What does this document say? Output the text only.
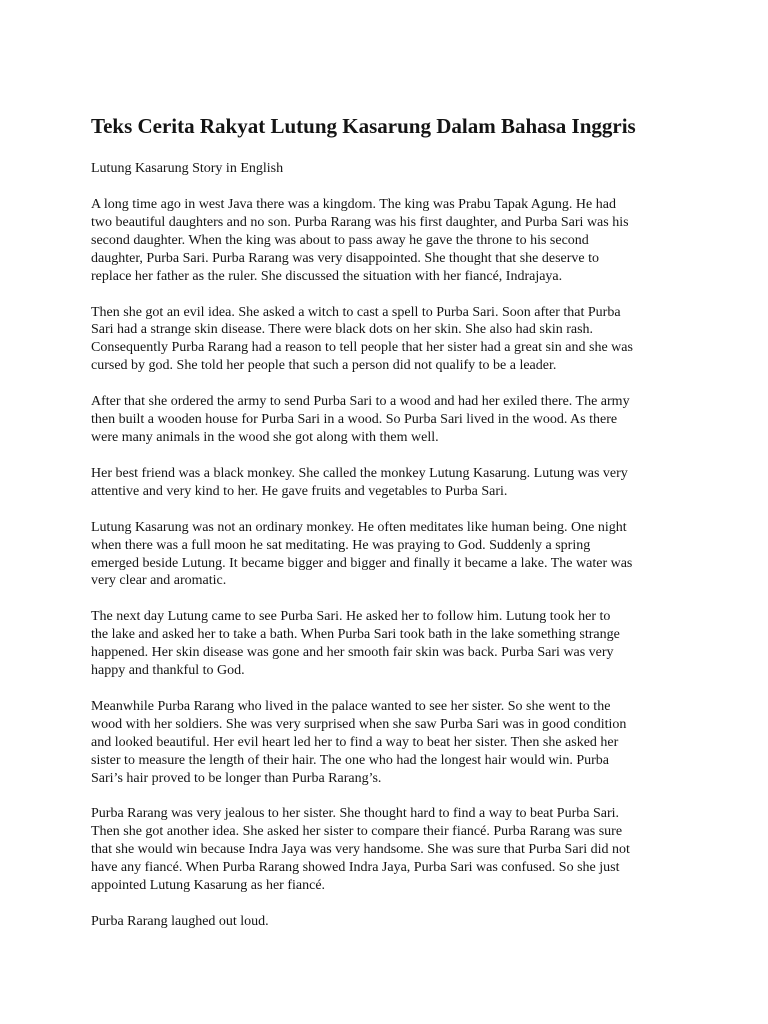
Teks Cerita Rakyat Lutung Kasarung Dalam Bahasa Inggris

Lutung Kasarung Story in English

A long time ago in west Java there was a kingdom. The king was Prabu Tapak Agung. He had
two beautiful daughters and no son. Purba Rarang was his first daughter, and Purba Sari was his
second daughter. When the king was about to pass away he gave the throne to his second
daughter, Purba Sari. Purba Rarang was very disappointed. She thought that she deserve to
replace her father as the ruler. She discussed the situation with her fiancé, Indrajaya.

Then she got an evil idea. She asked a witch to cast a spell to Purba Sari. Soon after that Purba
Sari had a strange skin disease. There were black dots on her skin. She also had skin rash.
Consequently Purba Rarang had a reason to tell people that her sister had a great sin and she was
cursed by god. She told her people that such a person did not qualify to be a leader.

After that she ordered the army to send Purba Sari to a wood and had her exiled there. The army
then built a wooden house for Purba Sari in a wood. So Purba Sari lived in the wood. As there
were many animals in the wood she got along with them well.

Her best friend was a black monkey. She called the monkey Lutung Kasarung. Lutung was very
attentive and very kind to her. He gave fruits and vegetables to Purba Sari.

Lutung Kasarung was not an ordinary monkey. He often meditates like human being. One night
when there was a full moon he sat meditating. He was praying to God. Suddenly a spring
emerged beside Lutung. It became bigger and bigger and finally it became a lake. The water was
very clear and aromatic.

The next day Lutung came to see Purba Sari. He asked her to follow him. Lutung took her to
the lake and asked her to take a bath. When Purba Sari took bath in the lake something strange
happened. Her skin disease was gone and her smooth fair skin was back. Purba Sari was very
happy and thankful to God.

Meanwhile Purba Rarang who lived in the palace wanted to see her sister. So she went to the
wood with her soldiers. She was very surprised when she saw Purba Sari was in good condition
and looked beautiful. Her evil heart led her to find a way to beat her sister. Then she asked her
sister to measure the length of their hair. The one who had the longest hair would win. Purba
Sari’s hair proved to be longer than Purba Rarang’s.

Purba Rarang was very jealous to her sister. She thought hard to find a way to beat Purba Sari.
Then she got another idea. She asked her sister to compare their fiancé. Purba Rarang was sure
that she would win because Indra Jaya was very handsome. She was sure that Purba Sari did not
have any fiancé. When Purba Rarang showed Indra Jaya, Purba Sari was confused. So she just
appointed Lutung Kasarung as her fiancé.

Purba Rarang laughed out loud.
